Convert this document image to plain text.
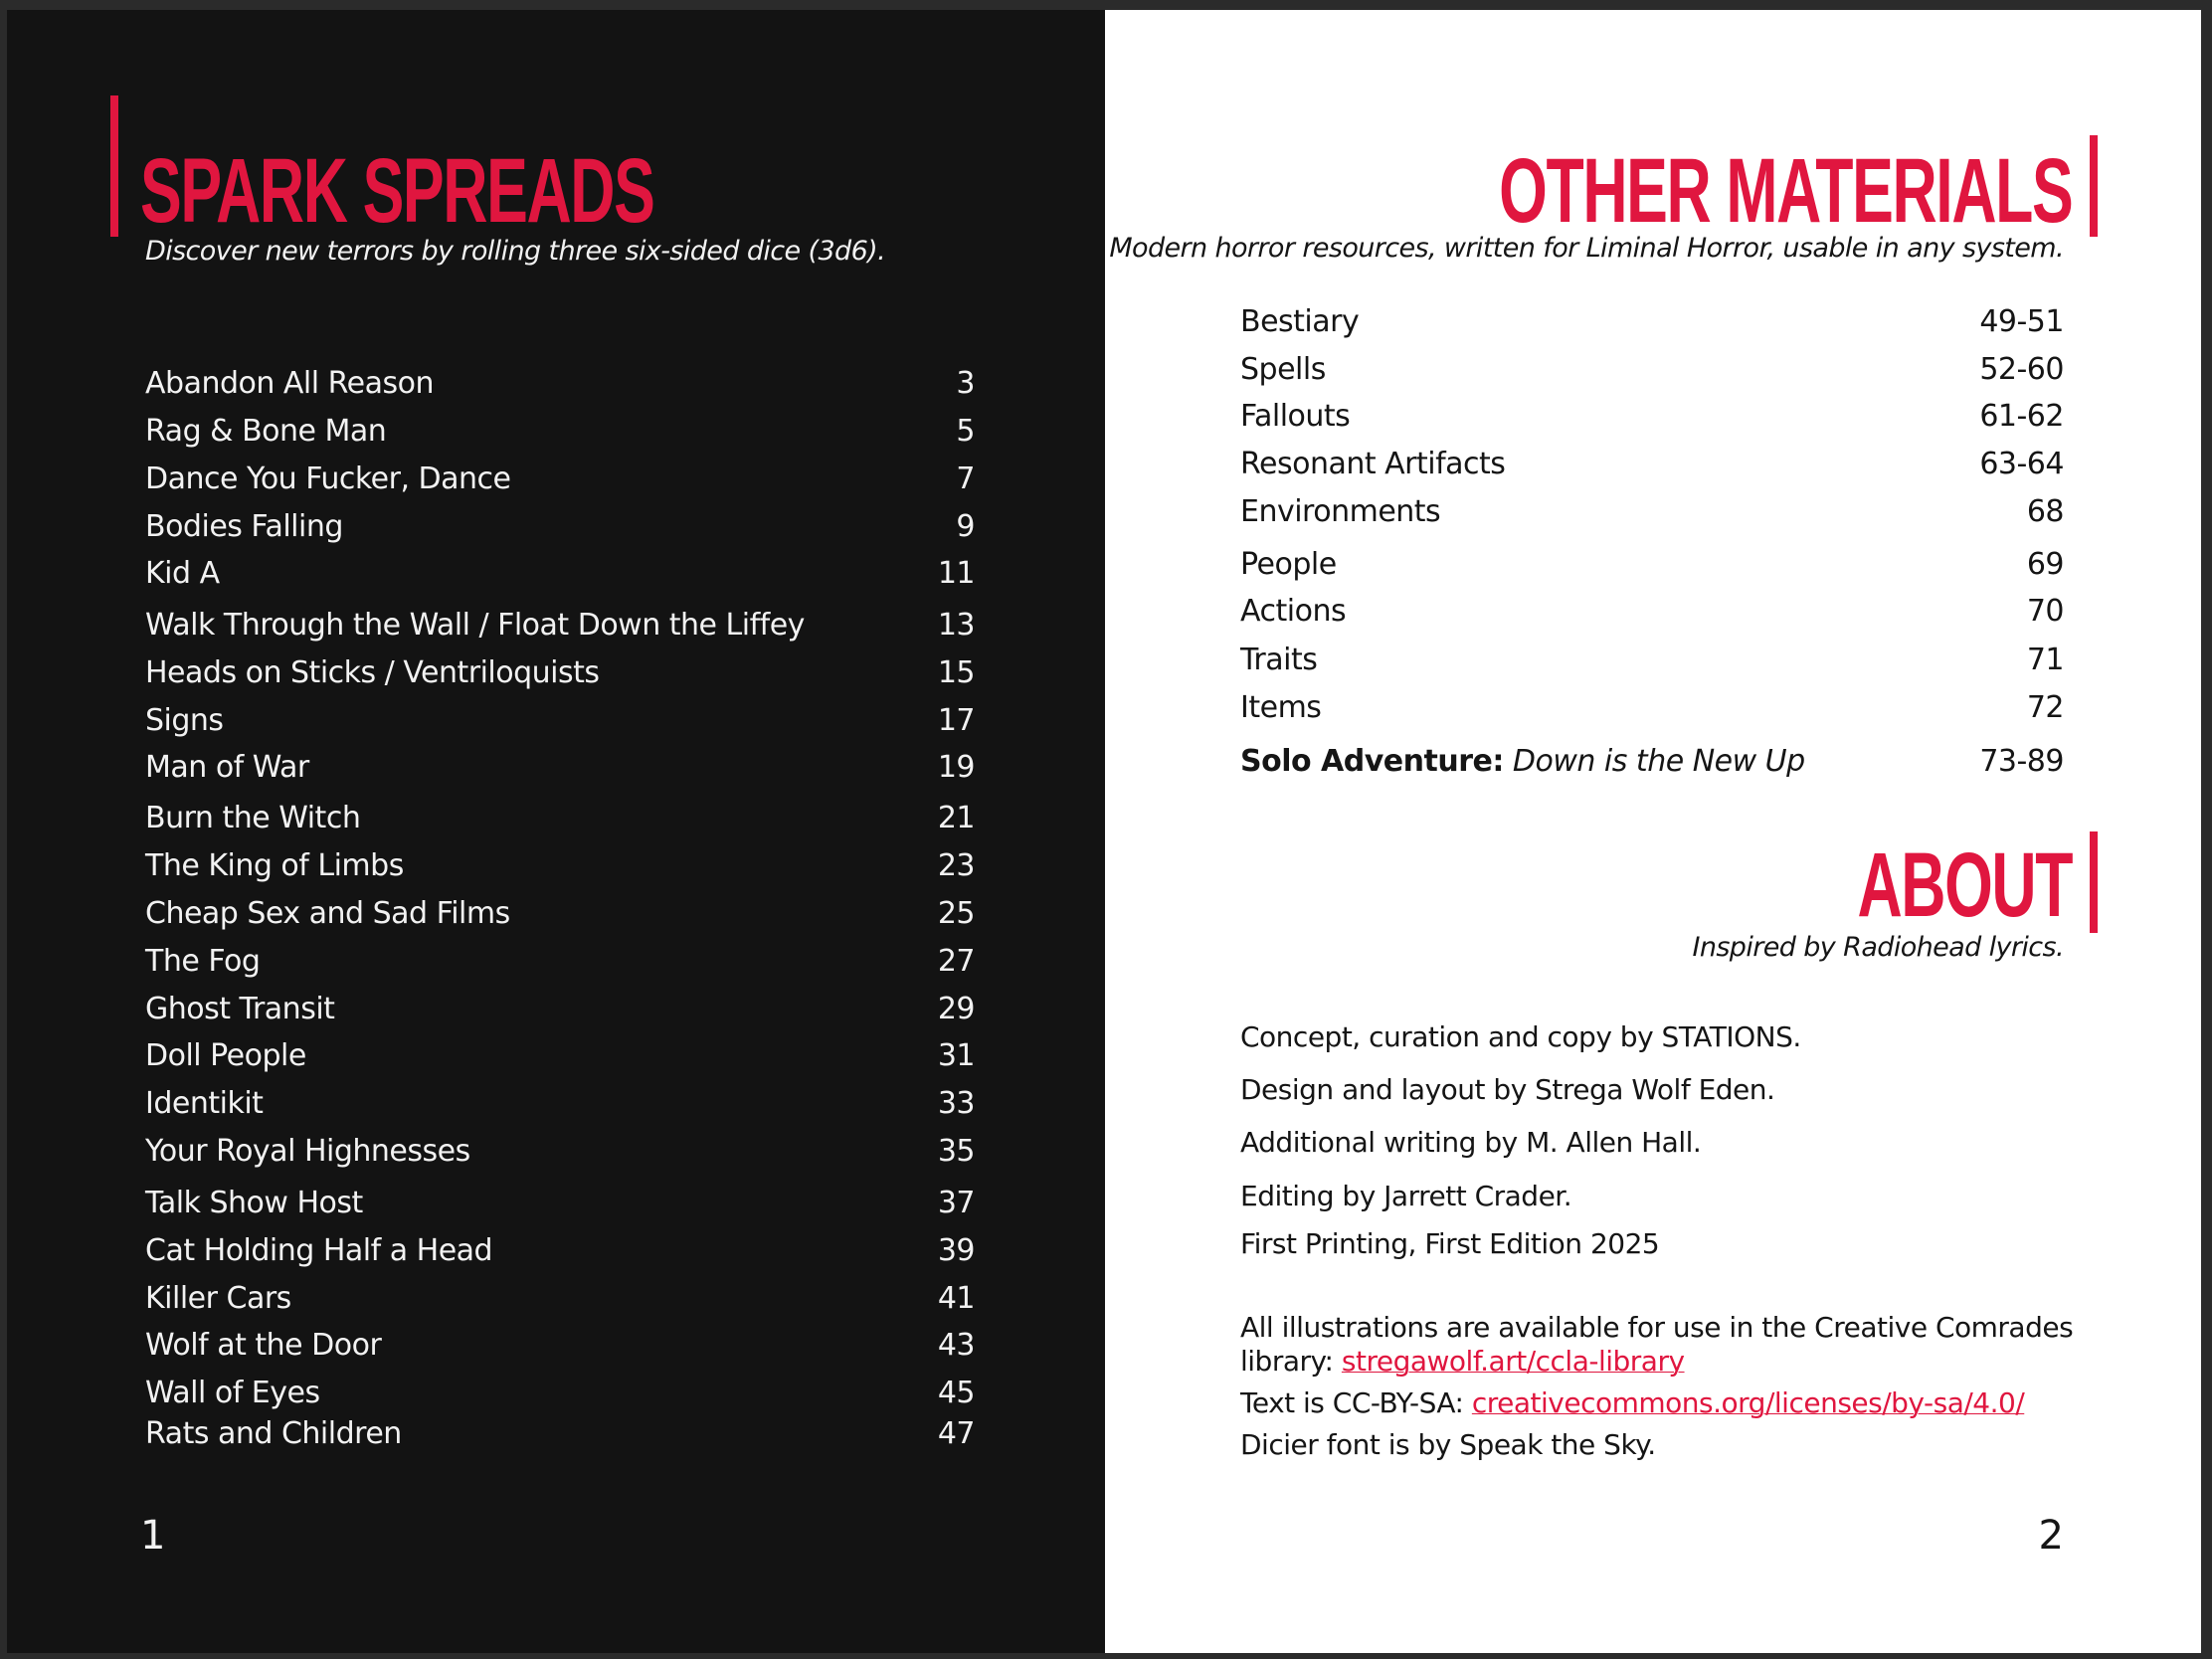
SPARK SPREADS
Discover new terrors by rolling three six-sided dice (3d6).
Abandon All Reason	3
Rag & Bone Man	5
Dance You Fucker, Dance	7
Bodies Falling	9
Kid A	11
Walk Through the Wall / Float Down the Liffey	13
Heads on Sticks / Ventriloquists	15
Signs	17
Man of War	19
Burn the Witch	21
The King of Limbs	23
Cheap Sex and Sad Films	25
The Fog	27
Ghost Transit	29
Doll People	31
Identikit	33
Your Royal Highnesses	35
Talk Show Host	37
Cat Holding Half a Head	39
Killer Cars	41
Wolf at the Door	43
Wall of Eyes	45
Rats and Children	47
1
OTHER MATERIALS
Modern horror resources, written for Liminal Horror, usable in any system.
Bestiary	49-51
Spells	52-60
Fallouts	61-62
Resonant Artifacts	63-64
Environments	68
People	69
Actions	70
Traits	71
Items	72
Solo Adventure: Down is the New Up	73-89
ABOUT
Inspired by Radiohead lyrics.
Concept, curation and copy by STATIONS.
Design and layout by Strega Wolf Eden.
Additional writing by M. Allen Hall.
Editing by Jarrett Crader.
First Printing, First Edition 2025
All illustrations are available for use in the Creative Comrades
library: stregawolf.art/ccla-library
Text is CC-BY-SA: creativecommons.org/licenses/by-sa/4.0/
Dicier font is by Speak the Sky.
2
